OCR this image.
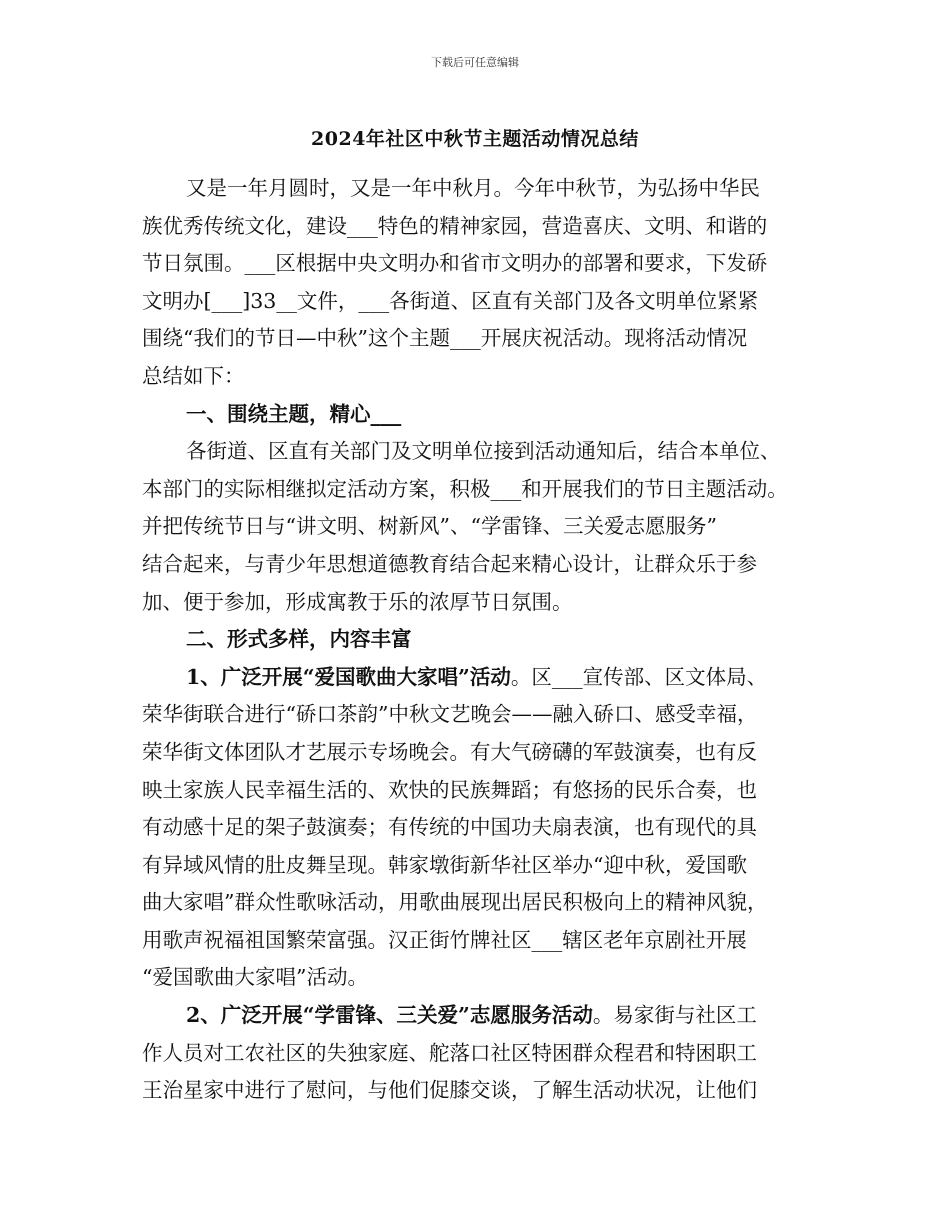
下载后可任意编辑
2024年社区中秋节主题活动情况总结
又是一年月圆时，又是一年中秋月。今年中秋节，为弘扬中华民
族优秀传统文化，建设___特色的精神家园，营造喜庆、文明、和谐的
节日氛围。___区根据中央文明办和省市文明办的部署和要求，下发硚
文明办[___]33__文件，___各街道、区直有关部门及各文明单位紧紧
围绕“我们的节日—中秋”这个主题___开展庆祝活动。现将活动情况
总结如下：
一、围绕主题，精心___
各街道、区直有关部门及文明单位接到活动通知后，结合本单位、
本部门的实际相继拟定活动方案，积极___和开展我们的节日主题活动。
并把传统节日与“讲文明、树新风”、“学雷锋、三关爱志愿服务”
结合起来，与青少年思想道德教育结合起来精心设计，让群众乐于参
加、便于参加，形成寓教于乐的浓厚节日氛围。
二、形式多样，内容丰富
1、广泛开展“爱国歌曲大家唱”活动。区___宣传部、区文体局、
荣华街联合进行“硚口茶韵”中秋文艺晚会——融入硚口、感受幸福，
荣华街文体团队才艺展示专场晚会。有大气磅礴的军鼓演奏，也有反
映土家族人民幸福生活的、欢快的民族舞蹈；有悠扬的民乐合奏，也
有动感十足的架子鼓演奏；有传统的中国功夫扇表演，也有现代的具
有异域风情的肚皮舞呈现。韩家墩街新华社区举办“迎中秋，爱国歌
曲大家唱”群众性歌咏活动，用歌曲展现出居民积极向上的精神风貌，
用歌声祝福祖国繁荣富强。汉正街竹牌社区___辖区老年京剧社开展
“爱国歌曲大家唱”活动。
2、广泛开展“学雷锋、三关爱”志愿服务活动。易家街与社区工
作人员对工农社区的失独家庭、舵落口社区特困群众程君和特困职工
王治星家中进行了慰问，与他们促膝交谈，了解生活动状况，让他们
